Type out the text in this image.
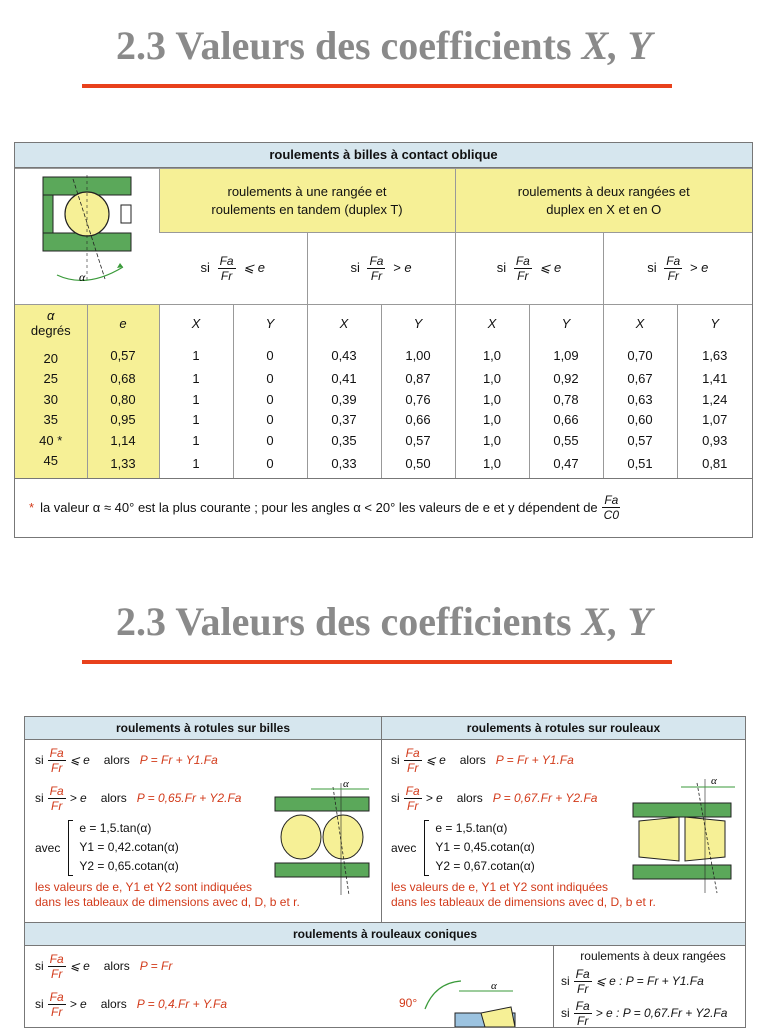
2.3 Valeurs des coefficients X, Y
roulements à billes à contact oblique
α		roulements à une rangée et roulements en tandem (duplex T)				roulements à deux rangées et duplex en X et en O			

		si $\frac{Fa}{Fr}$ ⩽ e		si $\frac{Fa}{Fr} > e$		si $\frac{Fa}{Fr}$ ⩽ e		si $\frac{Fa}{Fr} > e$	

α
degrés	e	X	Y	X	Y	X	Y	X	Y
20	0,57	1	0	0,43	1,00	1,0	1,09	0,70	1,63
25	0,68	1	0	0,41	0,87	1,0	0,92	0,67	1,41
30	0,80	1	0	0,39	0,76	1,0	0,78	0,63	1,24
35	0,95	1	0	0,37	0,66	1,0	0,66	0,60	1,07
40 *	1,14	1	0	0,35	0,57	1,0	0,55	0,57	0,93
45	1,33	1	0	0,33	0,50	1,0	0,47	0,51	0,81
* la valeur α ≈ 40° est la plus courante ; pour les angles α < 20° les valeurs de e et y dépendent de $\frac{Fa}{C0}$
2.3 Valeurs des coefficients X, Y
roulements à rotules sur billes	roulements à rotules sur rouleaux
si $\frac{Fa}{Fr}$ ⩽ e alors P = Fr + Y1.Fa
si $\frac{Fa}{Fr} > e$ alors P = 0,65.Fr + Y2.Fa
avec
e = 1,5.tan(α)
Y1 = 0,42.cotan(α)
Y2 = 0,65.cotan(α)
les valeurs de e, Y1 et Y2 sont indiquées
dans les tableaux de dimensions avec d, D, b et r.
α
si $\frac{Fa}{Fr}$ ⩽ e alors P = Fr + Y1.Fa
si $\frac{Fa}{Fr} > e$ alors P = 0,67.Fr + Y2.Fa
avec
e = 1,5.tan(α)
Y1 = 0,45.cotan(α)
Y2 = 0,67.cotan(α)
les valeurs de e, Y1 et Y2 sont indiquées
dans les tableaux de dimensions avec d, D, b et r.
α
roulements à rouleaux coniques
si $\frac{Fa}{Fr}$ ⩽ e alors P = Fr
si $\frac{Fa}{Fr} > e$ alors P = 0,4.Fr + Y.Fa	90°
α
roulements à deux rangées
si $\frac{Fa}{Fr}$ ⩽ e : P = Fr + Y1.Fa
si $\frac{Fa}{Fr} > e$ : P = 0,67.Fr + Y2.Fa
